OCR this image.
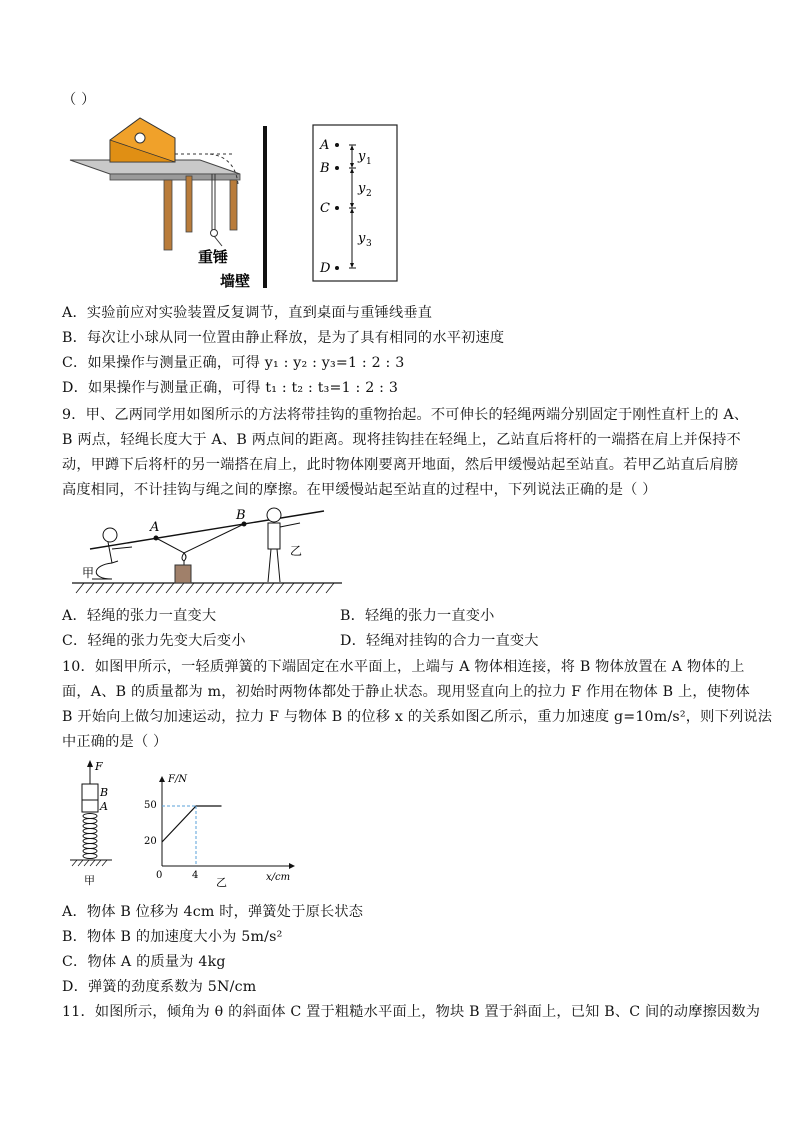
（ ）
重锤
墙壁
A
B
C
D
y 1
y 2
y 3
A．实验前应对实验装置反复调节，直到桌面与重锤线垂直
B．每次让小球从同一位置由静止释放，是为了具有相同的水平初速度
C．如果操作与测量正确，可得 y₁ : y₂ : y₃=1 : 2 : 3
D．如果操作与测量正确，可得 t₁ : t₂ : t₃=1 : 2 : 3
9．甲、乙两同学用如图所示的方法将带挂钩的重物抬起。不可伸长的轻绳两端分别固定于刚性直杆上的 A、
B 两点，轻绳长度大于 A、B 两点间的距离。现将挂钩挂在轻绳上，乙站直后将杆的一端搭在肩上并保持不
动，甲蹲下后将杆的另一端搭在肩上，此时物体刚要离开地面，然后甲缓慢站起至站直。若甲乙站直后肩膀
高度相同，不计挂钩与绳之间的摩擦。在甲缓慢站起至站直的过程中，下列说法正确的是（ ）
A
B
甲
乙
A．轻绳的张力一直变大	B．轻绳的张力一直变小
C．轻绳的张力先变大后变小	D．轻绳对挂钩的合力一直变大
10．如图甲所示，一轻质弹簧的下端固定在水平面上，上端与 A 物体相连接，将 B 物体放置在 A 物体的上
面，A、B 的质量都为 m，初始时两物体都处于静止状态。现用竖直向上的拉力 F 作用在物体 B 上，使物体
B 开始向上做匀加速运动，拉力 F 与物体 B 的位移 x 的关系如图乙所示，重力加速度 g=10m/s²，则下列说法
中正确的是（ ）
F
B
A
甲
F/N
x/cm
50
20
0	4
乙
A．物体 B 位移为 4cm 时，弹簧处于原长状态
B．物体 B 的加速度大小为 5m/s²
C．物体 A 的质量为 4kg
D．弹簧的劲度系数为 5N/cm
11．如图所示，倾角为 θ 的斜面体 C 置于粗糙水平面上，物块 B 置于斜面上，已知 B、C 间的动摩擦因数为
